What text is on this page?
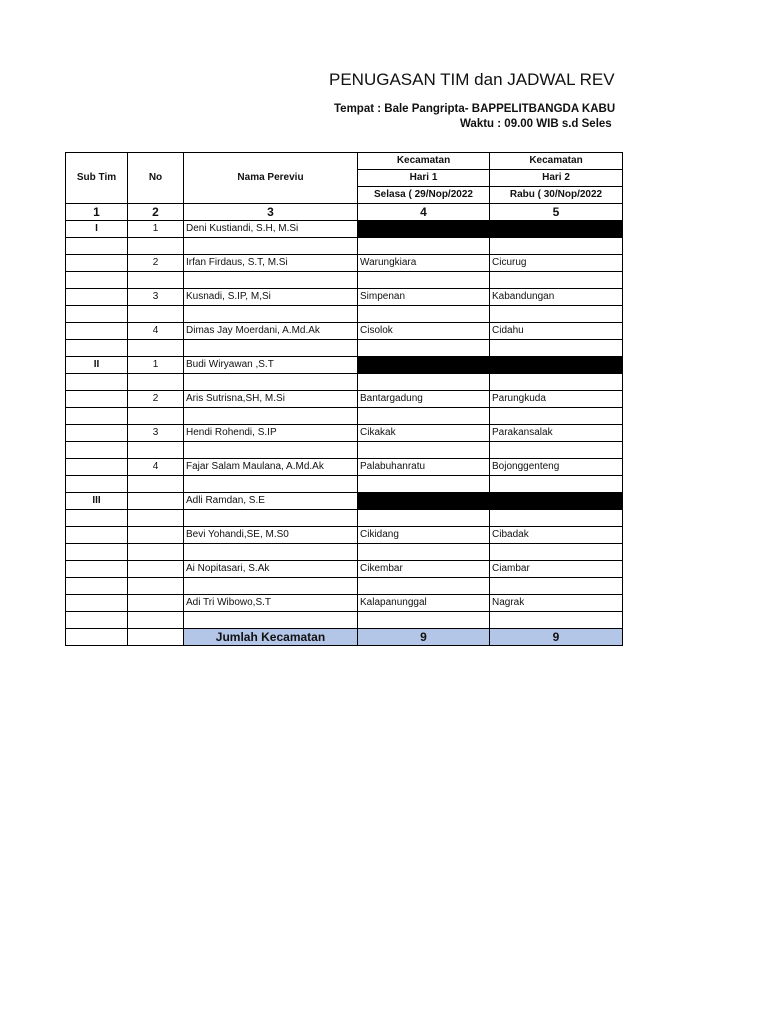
PENUGASAN TIM dan JADWAL REV
Tempat : Bale Pangripta- BAPPELITBANGDA KABU
Waktu : 09.00 WIB s.d Seles
Sub Tim	No	Nama Pereviu	Kecamatan	Kecamatan
			Hari 1	Hari 2
			Selasa ( 29/Nop/2022	Rabu ( 30/Nop/2022
1	2	3	4	5
I	1	Deni Kustiandi, S.H, M.Si		

	2	Irfan Firdaus, S.T, M.Si	Warungkiara	Cicurug

	3	Kusnadi, S.IP, M,Si	Simpenan	Kabandungan

	4	Dimas Jay Moerdani, A.Md.Ak	Cisolok	Cidahu

II	1	Budi Wiryawan ,S.T		

	2	Aris Sutrisna,SH, M.Si	Bantargadung	Parungkuda

	3	Hendi Rohendi, S.IP	Cikakak	Parakansalak

	4	Fajar Salam Maulana, A.Md.Ak	Palabuhanratu	Bojonggenteng

III		Adli Ramdan, S.E		

		Bevi Yohandi,SE, M.S0	Cikidang	Cibadak

		Ai Nopitasari, S.Ak	Cikembar	Ciambar

		Adi Tri Wibowo,S.T	Kalapanunggal	Nagrak

		Jumlah Kecamatan	9	9
